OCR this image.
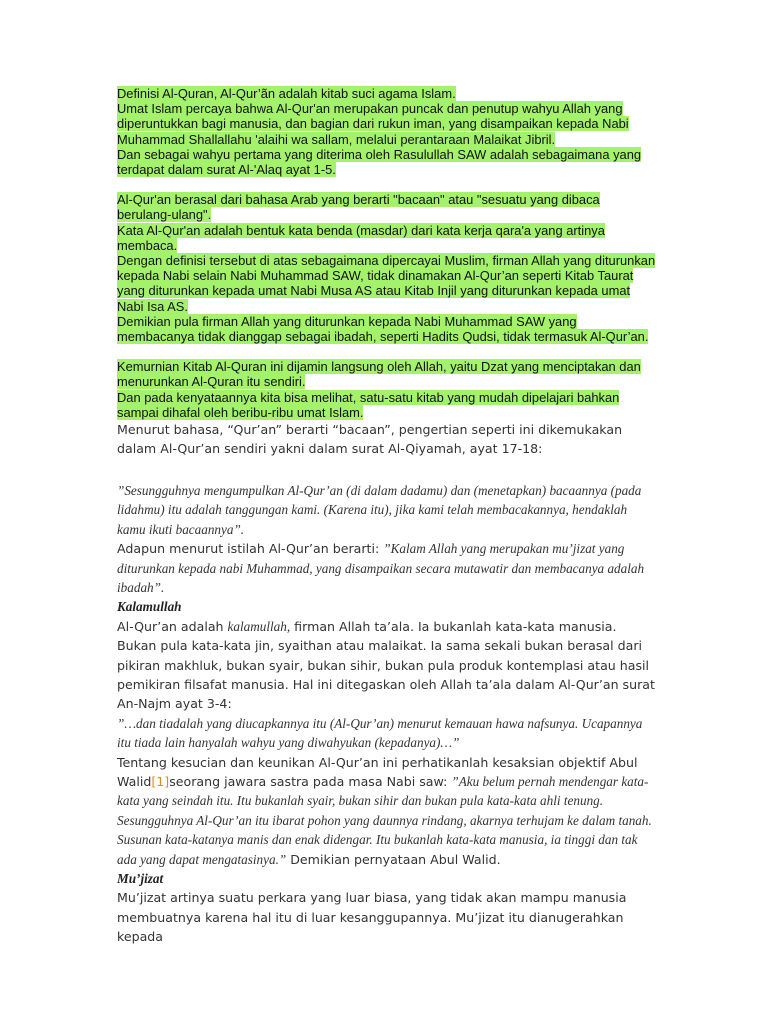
Definisi Al-Quran, Al-Qur’ãn adalah kitab suci agama Islam.

Umat Islam percaya bahwa Al-Qur'an merupakan puncak dan penutup wahyu Allah yang diperuntukkan bagi manusia, dan bagian dari rukun iman, yang disampaikan kepada Nabi Muhammad Shallallahu 'alaihi wa sallam, melalui perantaraan Malaikat Jibril.

Dan sebagai wahyu pertama yang diterima oleh Rasulullah SAW adalah sebagaimana yang terdapat dalam surat Al-'Alaq ayat 1-5.

Al-Qur'an berasal dari bahasa Arab yang berarti "bacaan" atau "sesuatu yang dibaca berulang-ulang".

Kata Al-Qur'an adalah bentuk kata benda (masdar) dari kata kerja qara'a yang artinya membaca.

Dengan definisi tersebut di atas sebagaimana dipercayai Muslim, firman Allah yang diturunkan kepada Nabi selain Nabi Muhammad SAW, tidak dinamakan Al-Qur’an seperti Kitab Taurat yang diturunkan kepada umat Nabi Musa AS atau Kitab Injil yang diturunkan kepada umat Nabi Isa AS.

Demikian pula firman Allah yang diturunkan kepada Nabi Muhammad SAW yang membacanya tidak dianggap sebagai ibadah, seperti Hadits Qudsi, tidak termasuk Al-Qur’an.

Kemurnian Kitab Al-Quran ini dijamin langsung oleh Allah, yaitu Dzat yang menciptakan dan menurunkan Al-Quran itu sendiri.

Dan pada kenyataannya kita bisa melihat, satu-satu kitab yang mudah dipelajari bahkan sampai dihafal oleh beribu-ribu umat Islam.

Menurut bahasa, “Qur’an” berarti “bacaan”, pengertian seperti ini dikemukakan dalam Al-Qur’an sendiri yakni dalam surat Al-Qiyamah, ayat 17-18:

”Sesungguhnya mengumpulkan Al-Qur’an (di dalam dadamu) dan (menetapkan) bacaannya (pada lidahmu) itu adalah tanggungan kami. (Karena itu), jika kami telah membacakannya, hendaklah kamu ikuti bacaannya”.

Adapun menurut istilah Al-Qur’an berarti: ”Kalam Allah yang merupakan mu’jizat yang diturunkan kepada nabi Muhammad, yang disampaikan secara mutawatir dan membacanya adalah ibadah”.

Kalamullah

Al-Qur’an adalah kalamullah, firman Allah ta’ala. Ia bukanlah kata-kata manusia. Bukan pula kata-kata jin, syaithan atau malaikat. Ia sama sekali bukan berasal dari pikiran makhluk, bukan syair, bukan sihir, bukan pula produk kontemplasi atau hasil pemikiran filsafat manusia. Hal ini ditegaskan oleh Allah ta’ala dalam Al-Qur’an surat An-Najm ayat 3-4:

”…dan tiadalah yang diucapkannya itu (Al-Qur’an) menurut kemauan hawa nafsunya. Ucapannya itu tiada lain hanyalah wahyu yang diwahyukan (kepadanya)…”

Tentang kesucian dan keunikan Al-Qur’an ini perhatikanlah kesaksian objektif Abul Walid[1]seorang jawara sastra pada masa Nabi saw: ”Aku belum pernah mendengar kata-kata yang seindah itu. Itu bukanlah syair, bukan sihir dan bukan pula kata-kata ahli tenung. Sesungguhnya Al-Qur’an itu ibarat pohon yang daunnya rindang, akarnya terhujam ke dalam tanah. Susunan kata-katanya manis dan enak didengar. Itu bukanlah kata-kata manusia, ia tinggi dan tak ada yang dapat mengatasinya.” Demikian pernyataan Abul Walid.

Mu’jizat

Mu’jizat artinya suatu perkara yang luar biasa, yang tidak akan mampu manusia membuatnya karena hal itu di luar kesanggupannya. Mu’jizat itu dianugerahkan kepada
